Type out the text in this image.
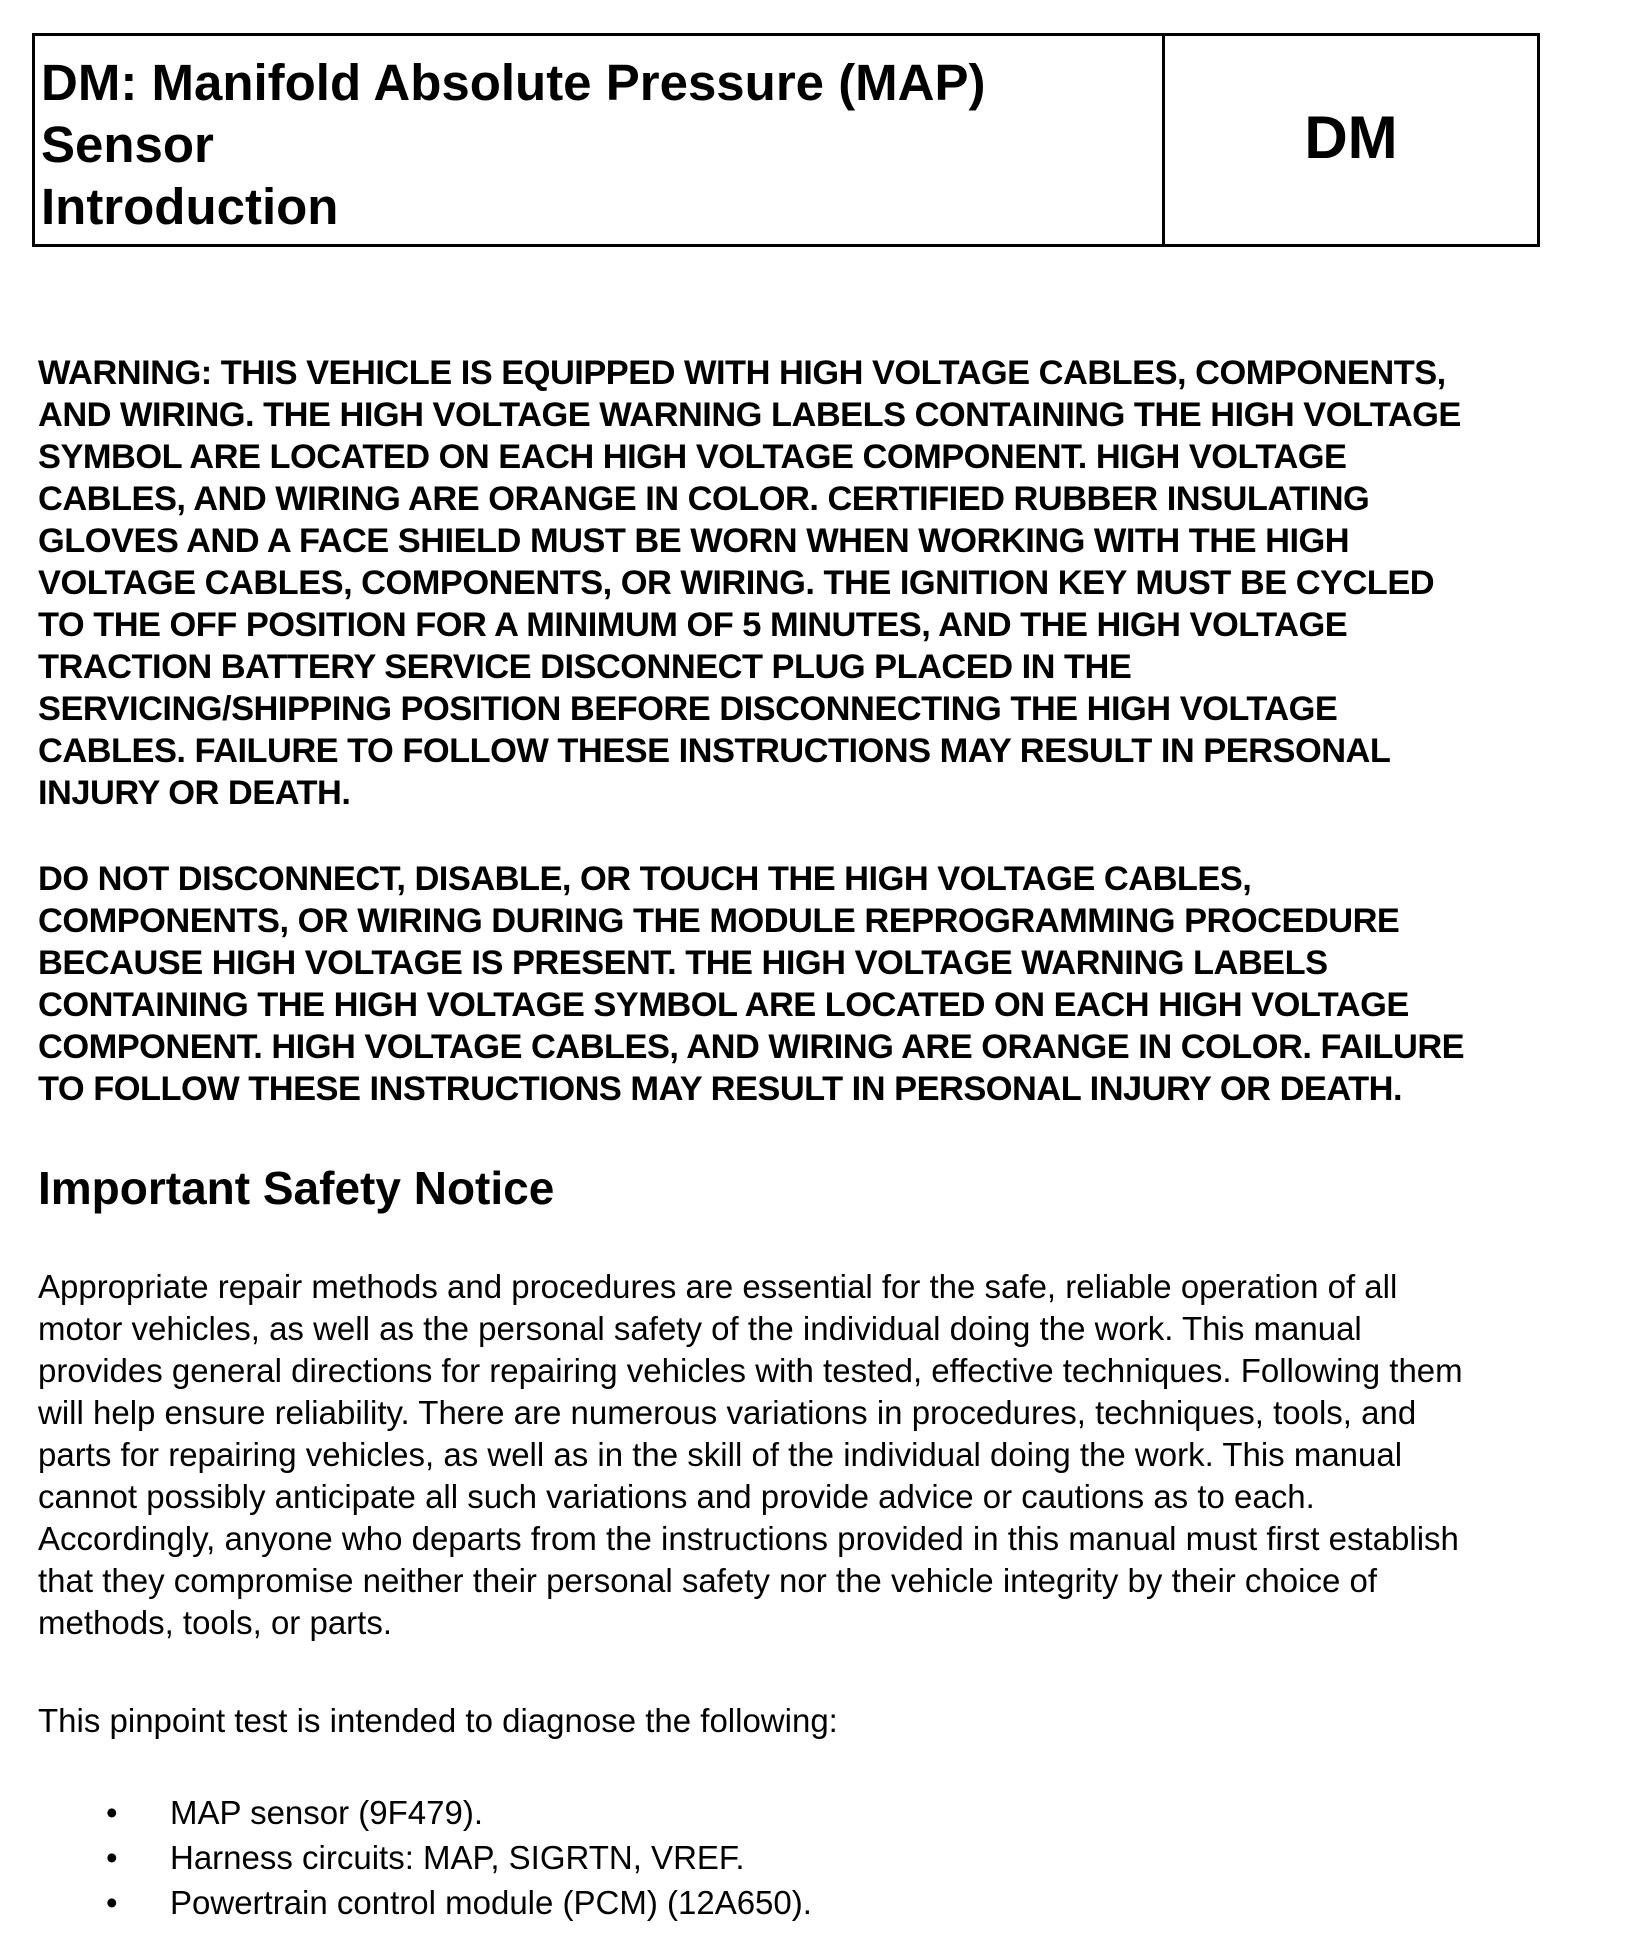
DM: Manifold Absolute Pressure (MAP)
Sensor
Introduction
DM
WARNING: THIS VEHICLE IS EQUIPPED WITH HIGH VOLTAGE CABLES, COMPONENTS,
AND WIRING. THE HIGH VOLTAGE WARNING LABELS CONTAINING THE HIGH VOLTAGE
SYMBOL ARE LOCATED ON EACH HIGH VOLTAGE COMPONENT. HIGH VOLTAGE
CABLES, AND WIRING ARE ORANGE IN COLOR. CERTIFIED RUBBER INSULATING
GLOVES AND A FACE SHIELD MUST BE WORN WHEN WORKING WITH THE HIGH
VOLTAGE CABLES, COMPONENTS, OR WIRING. THE IGNITION KEY MUST BE CYCLED
TO THE OFF POSITION FOR A MINIMUM OF 5 MINUTES, AND THE HIGH VOLTAGE
TRACTION BATTERY SERVICE DISCONNECT PLUG PLACED IN THE
SERVICING/SHIPPING POSITION BEFORE DISCONNECTING THE HIGH VOLTAGE
CABLES. FAILURE TO FOLLOW THESE INSTRUCTIONS MAY RESULT IN PERSONAL
INJURY OR DEATH.
DO NOT DISCONNECT, DISABLE, OR TOUCH THE HIGH VOLTAGE CABLES,
COMPONENTS, OR WIRING DURING THE MODULE REPROGRAMMING PROCEDURE
BECAUSE HIGH VOLTAGE IS PRESENT. THE HIGH VOLTAGE WARNING LABELS
CONTAINING THE HIGH VOLTAGE SYMBOL ARE LOCATED ON EACH HIGH VOLTAGE
COMPONENT. HIGH VOLTAGE CABLES, AND WIRING ARE ORANGE IN COLOR. FAILURE
TO FOLLOW THESE INSTRUCTIONS MAY RESULT IN PERSONAL INJURY OR DEATH.
Important Safety Notice
Appropriate repair methods and procedures are essential for the safe, reliable operation of all
motor vehicles, as well as the personal safety of the individual doing the work. This manual
provides general directions for repairing vehicles with tested, effective techniques. Following them
will help ensure reliability. There are numerous variations in procedures, techniques, tools, and
parts for repairing vehicles, as well as in the skill of the individual doing the work. This manual
cannot possibly anticipate all such variations and provide advice or cautions as to each.
Accordingly, anyone who departs from the instructions provided in this manual must first establish
that they compromise neither their personal safety nor the vehicle integrity by their choice of
methods, tools, or parts.
This pinpoint test is intended to diagnose the following:
• MAP sensor (9F479).
• Harness circuits: MAP, SIGRTN, VREF.
• Powertrain control module (PCM) (12A650).
